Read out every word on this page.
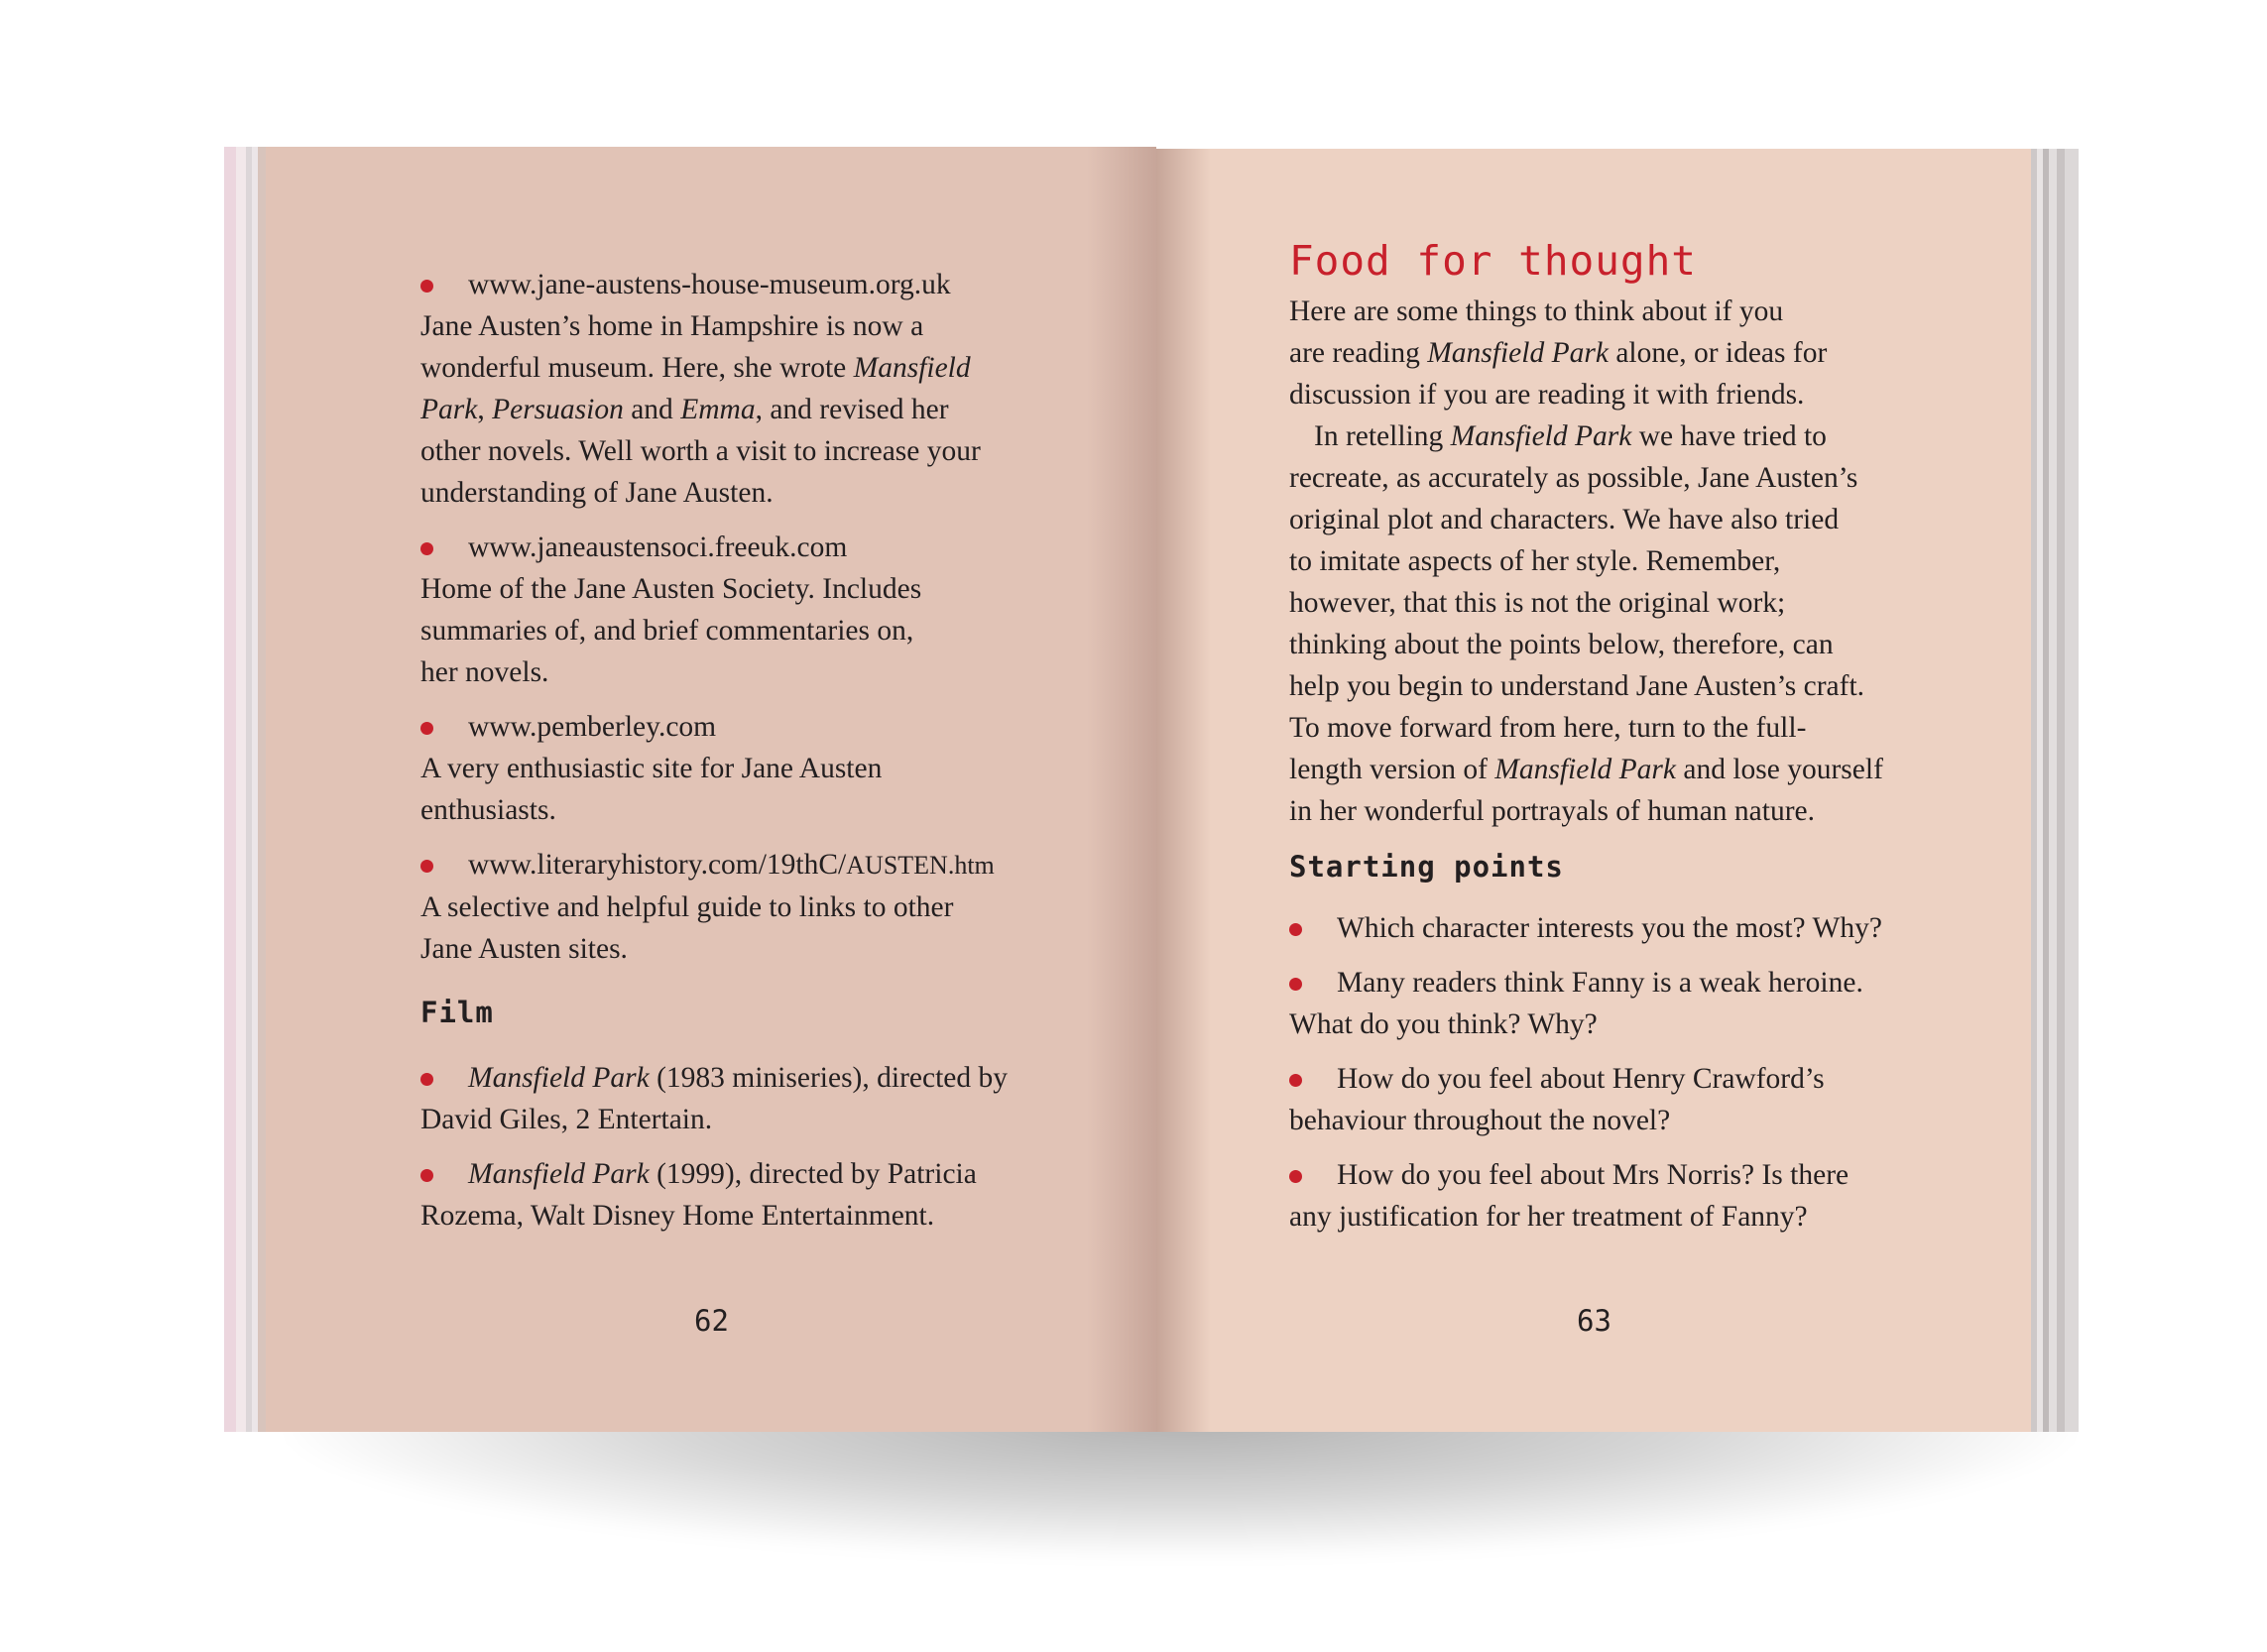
www.jane-austens-house-museum.org.uk

Jane Austen’s home in Hampshire is now a

wonderful museum. Here, she wrote Mansfield

Park, Persuasion and Emma, and revised her

other novels. Well worth a visit to increase your

understanding of Jane Austen.

www.janeaustensoci.freeuk.com

Home of the Jane Austen Society. Includes

summaries of, and brief commentaries on,

her novels.

www.pemberley.com

A very enthusiastic site for Jane Austen

enthusiasts.

www.literaryhistory.com/19thC/AUSTEN.htm

A selective and helpful guide to links to other

Jane Austen sites.

Film
Mansfield Park (1983 miniseries), directed by

David Giles, 2 Entertain.

Mansfield Park (1999), directed by Patricia

Rozema, Walt Disney Home Entertainment.

62
Food for thought

Here are some things to think about if you

are reading Mansfield Park alone, or ideas for

discussion if you are reading it with friends.

In retelling Mansfield Park we have tried to

recreate, as accurately as possible, Jane Austen’s

original plot and characters. We have also tried

to imitate aspects of her style. Remember,

however, that this is not the original work;

thinking about the points below, therefore, can

help you begin to understand Jane Austen’s craft.

To move forward from here, turn to the full-

length version of Mansfield Park and lose yourself

in her wonderful portrayals of human nature.

Starting points
Which character interests you the most? Why?
Many readers think Fanny is a weak heroine.

What do you think? Why?

How do you feel about Henry Crawford’s

behaviour throughout the novel?

How do you feel about Mrs Norris? Is there

any justification for her treatment of Fanny?

63
